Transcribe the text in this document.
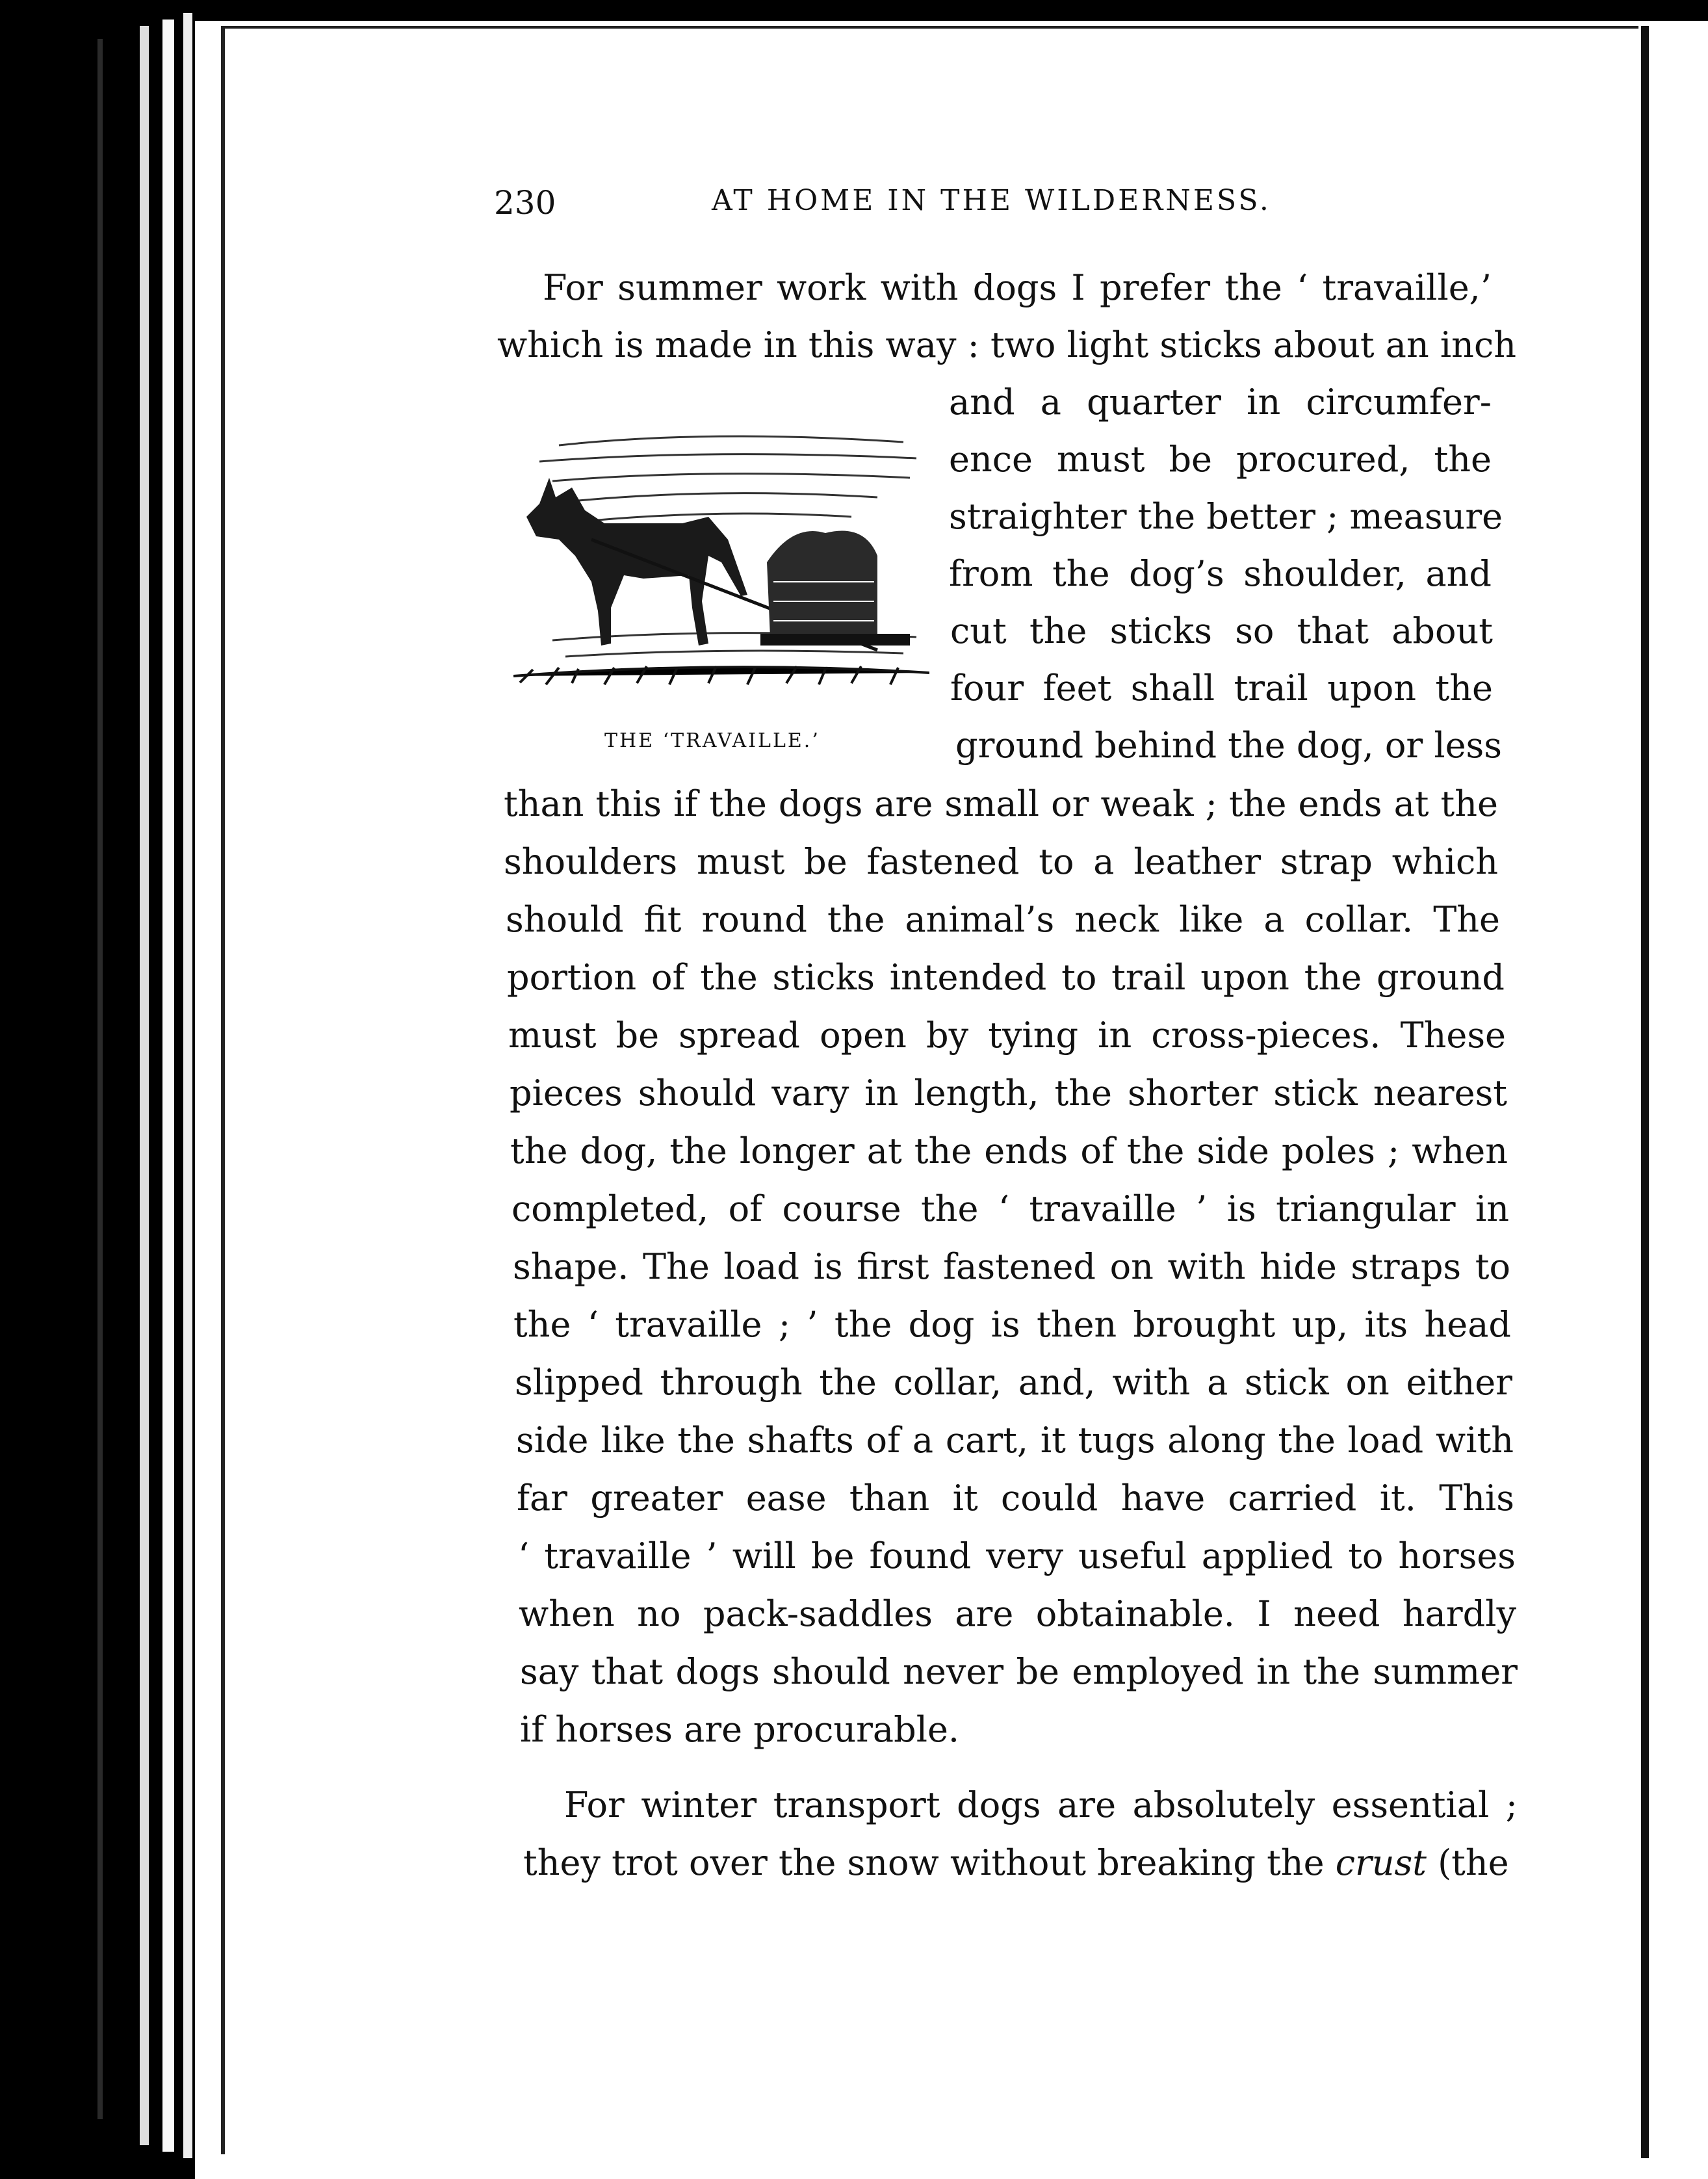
230	AT HOME IN THE WILDERNESS.
THE ‘TRAVAILLE.’
For summer work with dogs I prefer the ‘ travaille,’
which is made in this way : two light sticks about an inch
and a quarter in circumfer-
ence must be procured, the
straighter the better ; measure
from the dog’s shoulder, and
cut the sticks so that about
four feet shall trail upon the
ground behind the dog, or less
than this if the dogs are small or weak ; the ends at the
shoulders must be fastened to a leather strap which
should fit round the animal’s neck like a collar. The
portion of the sticks intended to trail upon the ground
must be spread open by tying in cross-pieces. These
pieces should vary in length, the shorter stick nearest
the dog, the longer at the ends of the side poles ; when
completed, of course the ‘ travaille ’ is triangular in
shape. The load is first fastened on with hide straps to
the ‘ travaille ; ’ the dog is then brought up, its head
slipped through the collar, and, with a stick on either
side like the shafts of a cart, it tugs along the load with
far greater ease than it could have carried it. This
‘ travaille ’ will be found very useful applied to horses
when no pack-saddles are obtainable. I need hardly
say that dogs should never be employed in the summer
if horses are procurable.
For winter transport dogs are absolutely essential ;
they trot over the snow without breaking the crust (the
